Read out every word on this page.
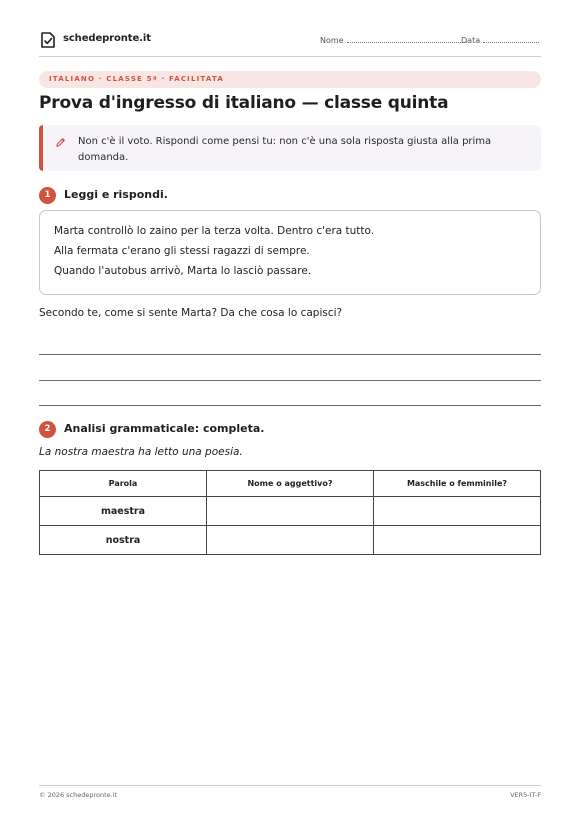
schedepronte.it	Nome	Data
ITALIANO · CLASSE 5ª · FACILITATA
Prova d'ingresso di italiano — classe quinta
Non c'è il voto. Rispondi come pensi tu: non c'è una sola risposta giusta alla prima domanda.
1	Leggi e rispondi.
Marta controllò lo zaino per la terza volta. Dentro c'era tutto.
Alla fermata c'erano gli stessi ragazzi di sempre.
Quando l'autobus arrivò, Marta lo lasciò passare.
Secondo te, come si sente Marta? Da che cosa lo capisci?
2	Analisi grammaticale: completa.
La nostra maestra ha letto una poesia.
Parola	Nome o aggettivo?	Maschile o femminile?
maestra		
nostra		
© 2026 schedepronte.it	VER5-IT-F
